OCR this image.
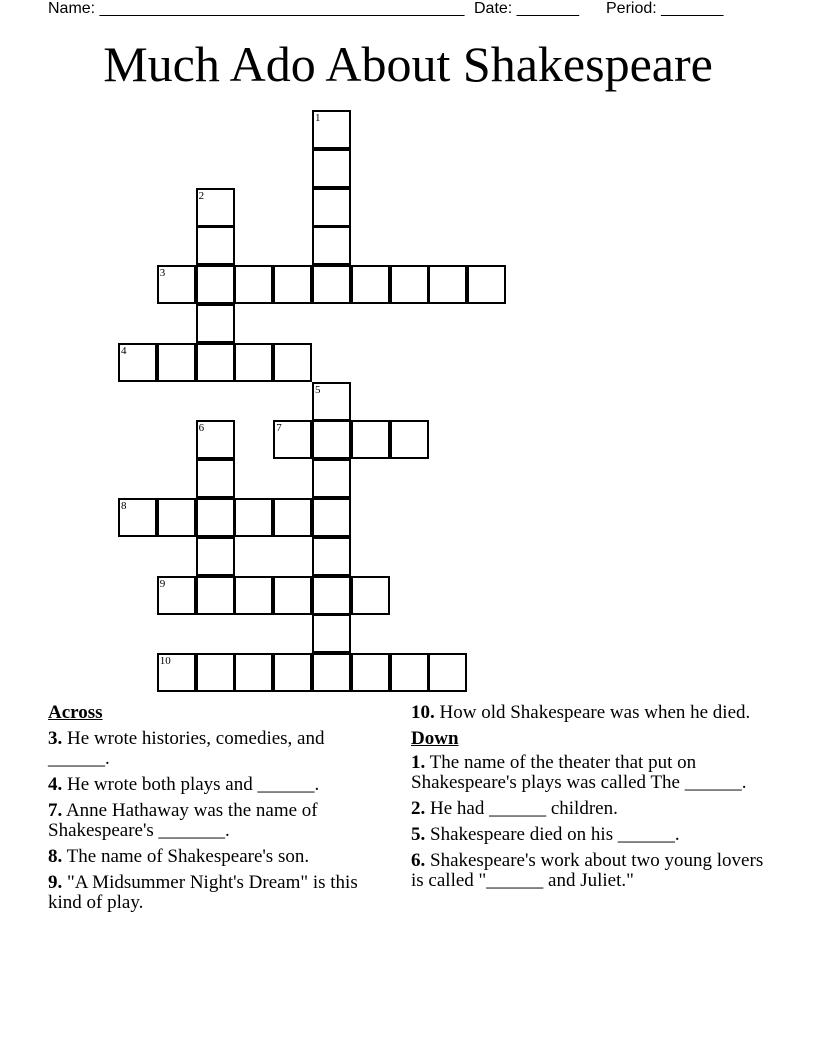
Name: _________________________________________ Date: _______ Period: _______
Much Ado About Shakespeare
1
2
3
4
5
6	7
8
9
10
Across
3. He wrote histories, comedies, and ______.
4. He wrote both plays and ______.
7. Anne Hathaway was the name of Shakespeare's _______.
8. The name of Shakespeare's son.
9. "A Midsummer Night's Dream" is this kind of play.
10. How old Shakespeare was when he died.
Down
1. The name of the theater that put on Shakespeare's plays was called The ______.
2. He had ______ children.
5. Shakespeare died on his ______.
6. Shakespeare's work about two young lovers is called "______ and Juliet."
